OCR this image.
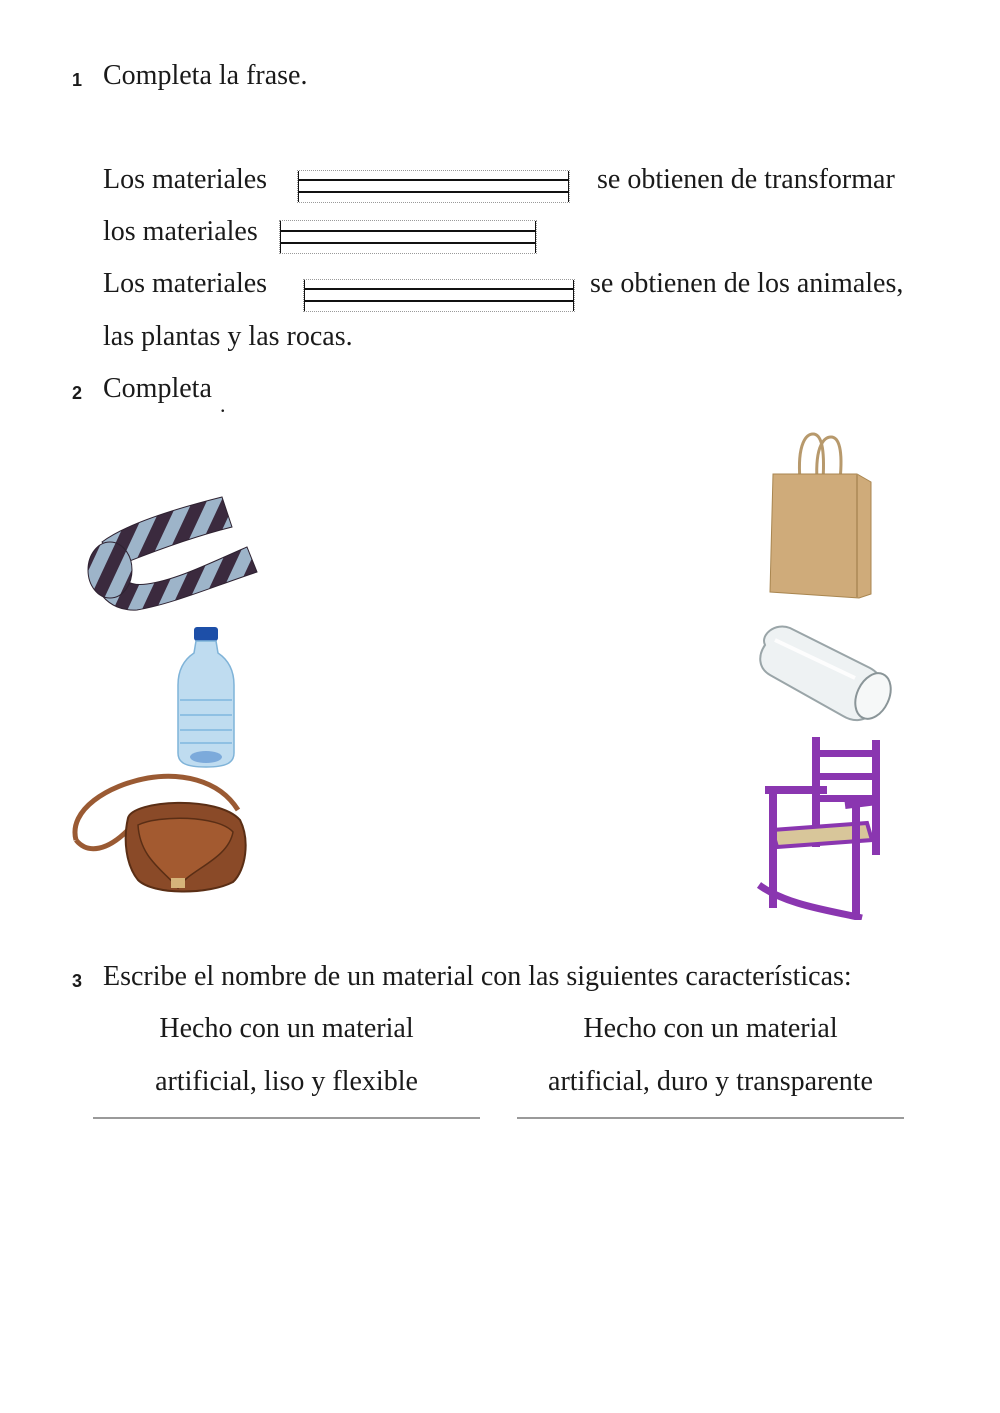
1 Completa la frase.
Los materiales	se obtienen de transformar
los materiales
Los materiales	se obtienen de los animales,
las plantas y las rocas.
2 Completa
.
3 Escribe el nombre de un material con las siguientes características:
Hecho con un material
artificial, liso y flexible
Hecho con un material
artificial, duro y transparente
